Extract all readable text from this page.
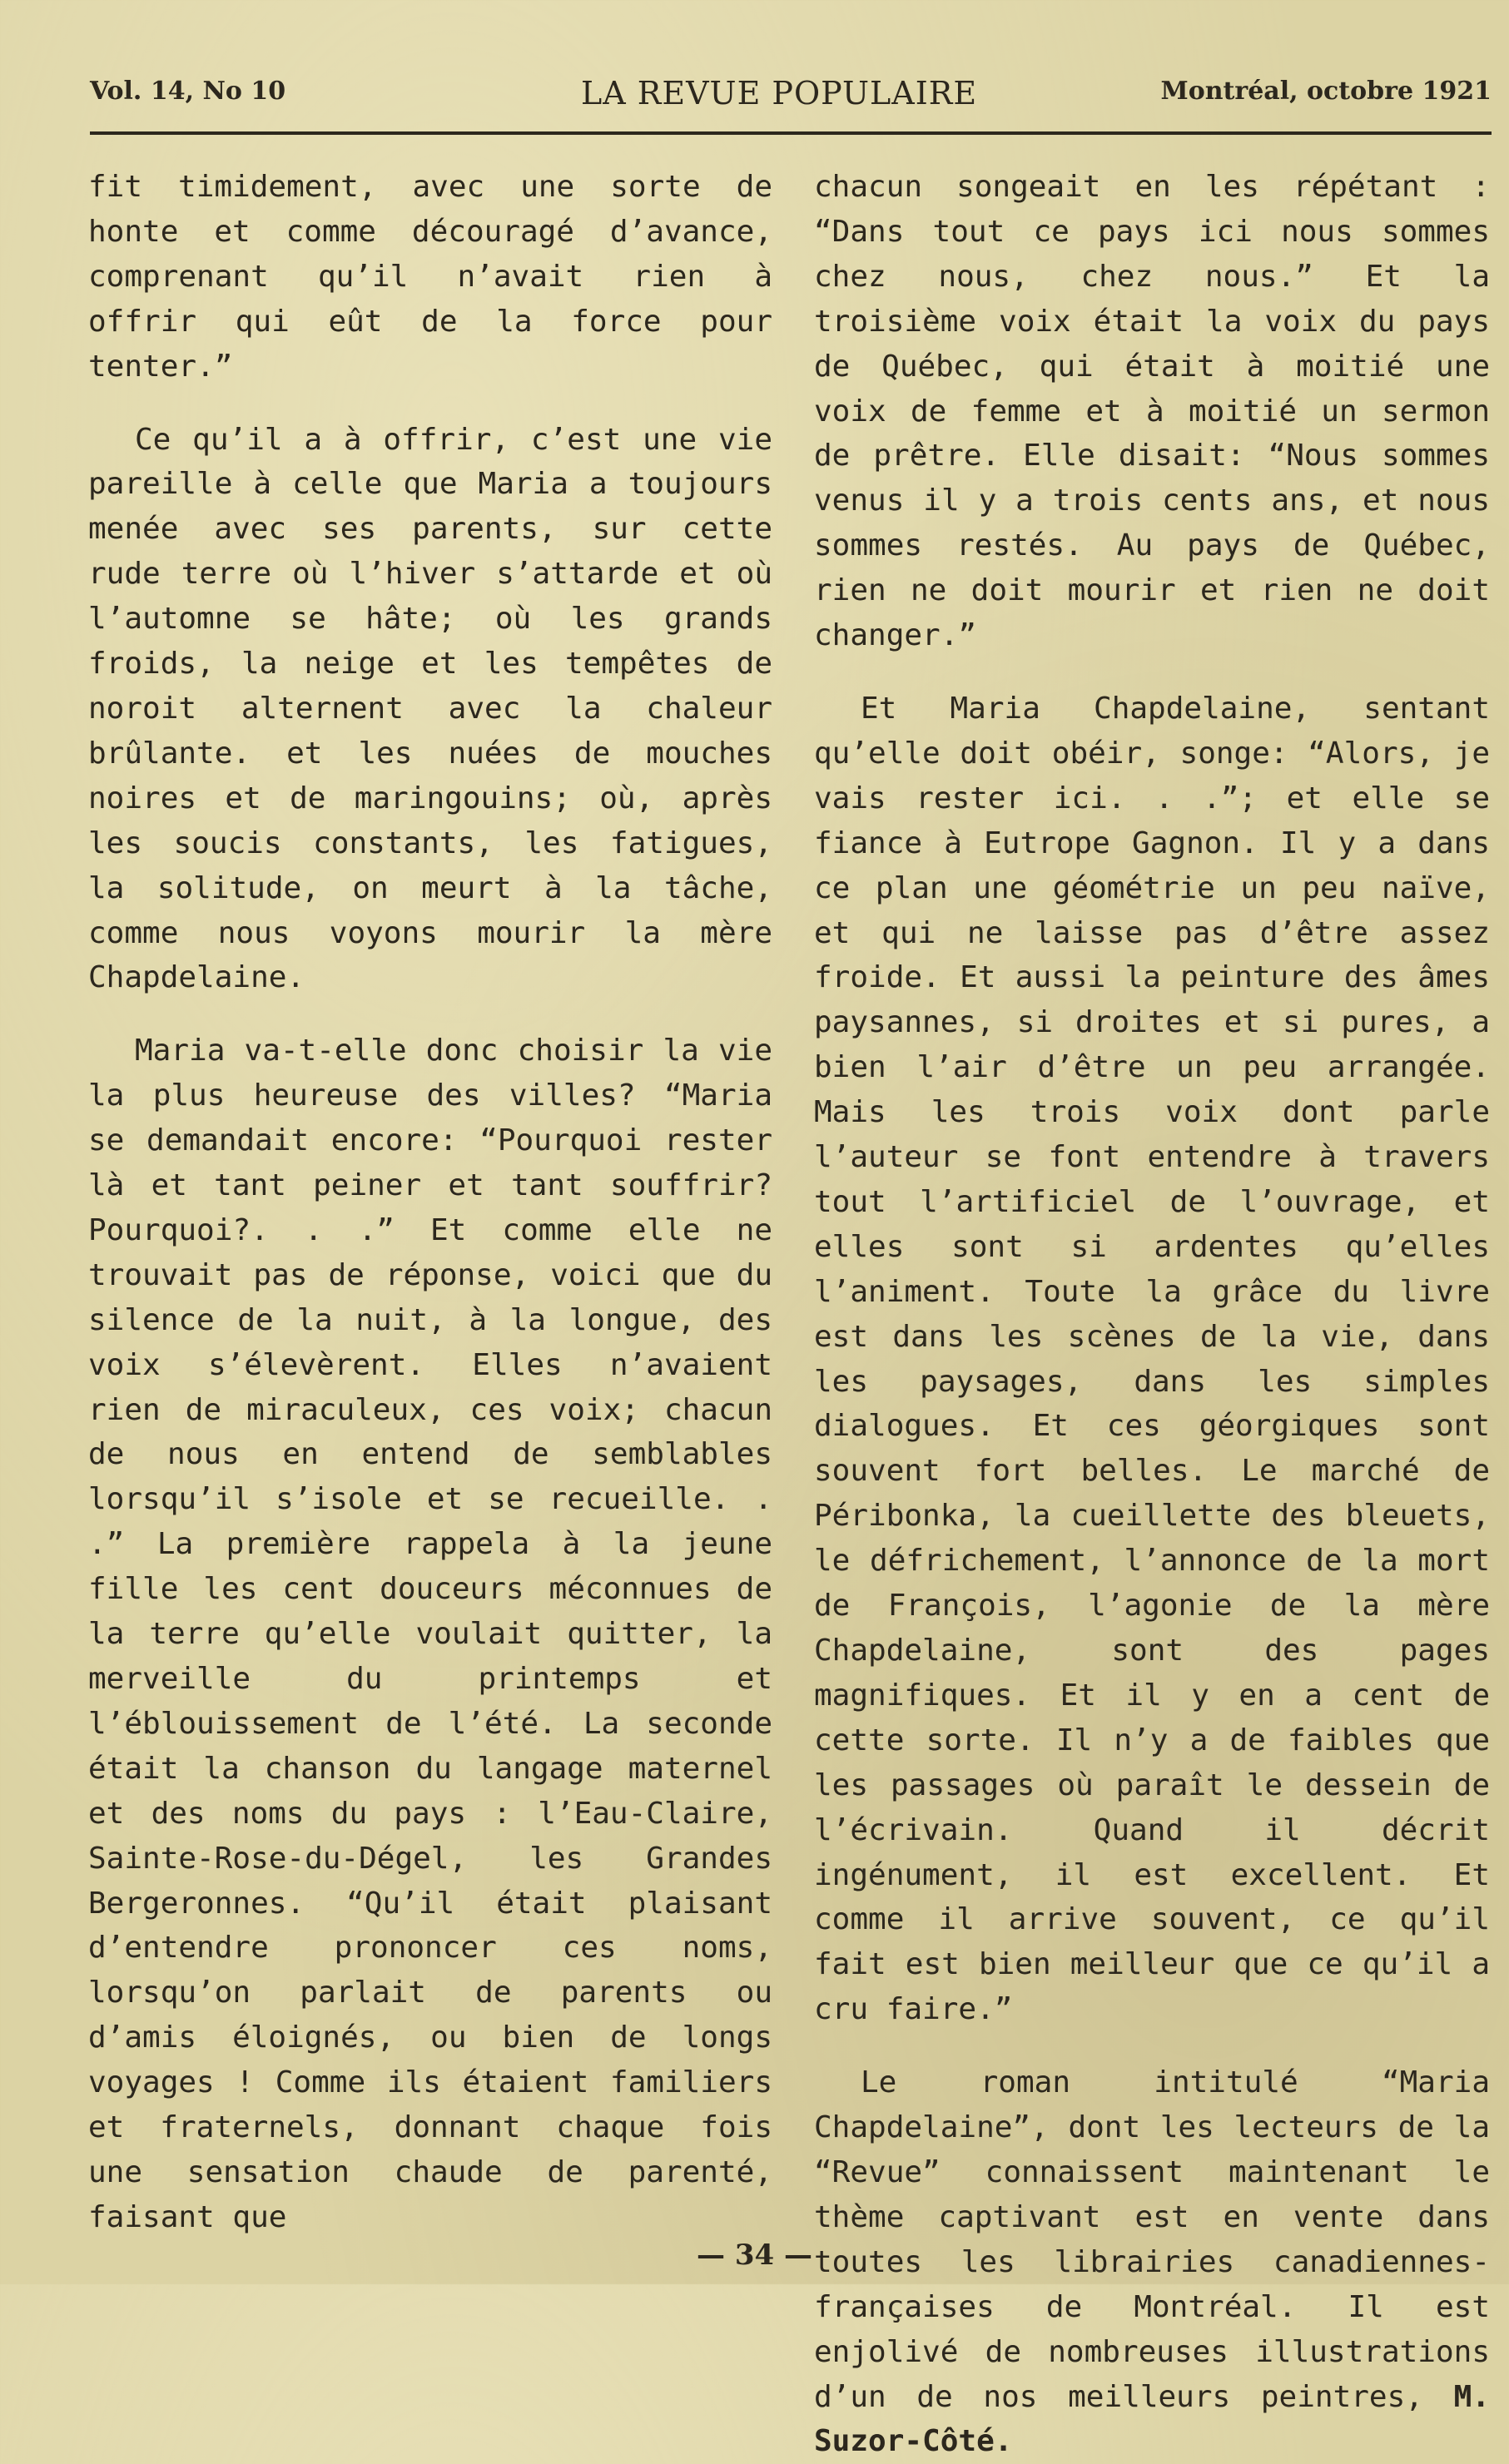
Vol. 14, No 10	LA REVUE POPULAIRE	Montréal, octobre 1921

fit timidement, avec une sorte de honte et comme découragé d’avance, comprenant qu’il n’avait rien à offrir qui eût de la force pour tenter.”

Ce qu’il a à offrir, c’est une vie pareille à celle que Maria a toujours menée avec ses parents, sur cette rude terre où l’hiver s’attarde et où l’automne se hâte; où les grands froids, la neige et les tempêtes de noroit alternent avec la chaleur brûlante. et les nuées de mouches noires et de maringouins; où, après les soucis constants, les fatigues, la solitude, on meurt à la tâche, comme nous voyons mourir la mère Chapdelaine.

Maria va-t-elle donc choisir la vie la plus heureuse des villes? “Maria se demandait encore: “Pourquoi rester là et tant peiner et tant souffrir? Pourquoi?. . .” Et comme elle ne trouvait pas de réponse, voici que du silence de la nuit, à la longue, des voix s’élevèrent. Elles n’avaient rien de miraculeux, ces voix; chacun de nous en entend de semblables lorsqu’il s’isole et se recueille. . .” La première rappela à la jeune fille les cent douceurs méconnues de la terre qu’elle voulait quitter, la merveille du printemps et l’éblouissement de l’été. La seconde était la chanson du langage maternel et des noms du pays : l’Eau-Claire, Sainte-Rose-du-Dégel, les Grandes Bergeronnes. “Qu’il était plaisant d’entendre prononcer ces noms, lorsqu’on parlait de parents ou d’amis éloignés, ou bien de longs voyages ! Comme ils étaient familiers et fraternels, donnant chaque fois une sensation chaude de parenté, faisant que

chacun songeait en les répétant : “Dans tout ce pays ici nous sommes chez nous, chez nous.” Et la troisième voix était la voix du pays de Québec, qui était à moitié une voix de femme et à moitié un sermon de prêtre. Elle disait: “Nous sommes venus il y a trois cents ans, et nous sommes restés. Au pays de Québec, rien ne doit mourir et rien ne doit changer.”

Et Maria Chapdelaine, sentant qu’elle doit obéir, songe: “Alors, je vais rester ici. . .”; et elle se fiance à Eutrope Gagnon. Il y a dans ce plan une géométrie un peu naïve, et qui ne laisse pas d’être assez froide. Et aussi la peinture des âmes paysannes, si droites et si pures, a bien l’air d’être un peu arrangée. Mais les trois voix dont parle l’auteur se font entendre à travers tout l’artificiel de l’ouvrage, et elles sont si ardentes qu’elles l’animent. Toute la grâce du livre est dans les scènes de la vie, dans les paysages, dans les simples dialogues. Et ces géorgiques sont souvent fort belles. Le marché de Péribonka, la cueillette des bleuets, le défrichement, l’annonce de la mort de François, l’agonie de la mère Chapdelaine, sont des pages magnifiques. Et il y en a cent de cette sorte. Il n’y a de faibles que les passages où paraît le dessein de l’écrivain. Quand il décrit ingénument, il est excellent. Et comme il arrive souvent, ce qu’il fait est bien meilleur que ce qu’il a cru faire.”

Le roman intitulé “Maria Chapdelaine”, dont les lecteurs de la “Revue” connaissent maintenant le thème captivant est en vente dans toutes les librairies canadiennes-françaises de Montréal. Il est enjolivé de nombreuses illustrations d’un de nos meilleurs peintres, M. Suzor-Côté.

— 34 —
